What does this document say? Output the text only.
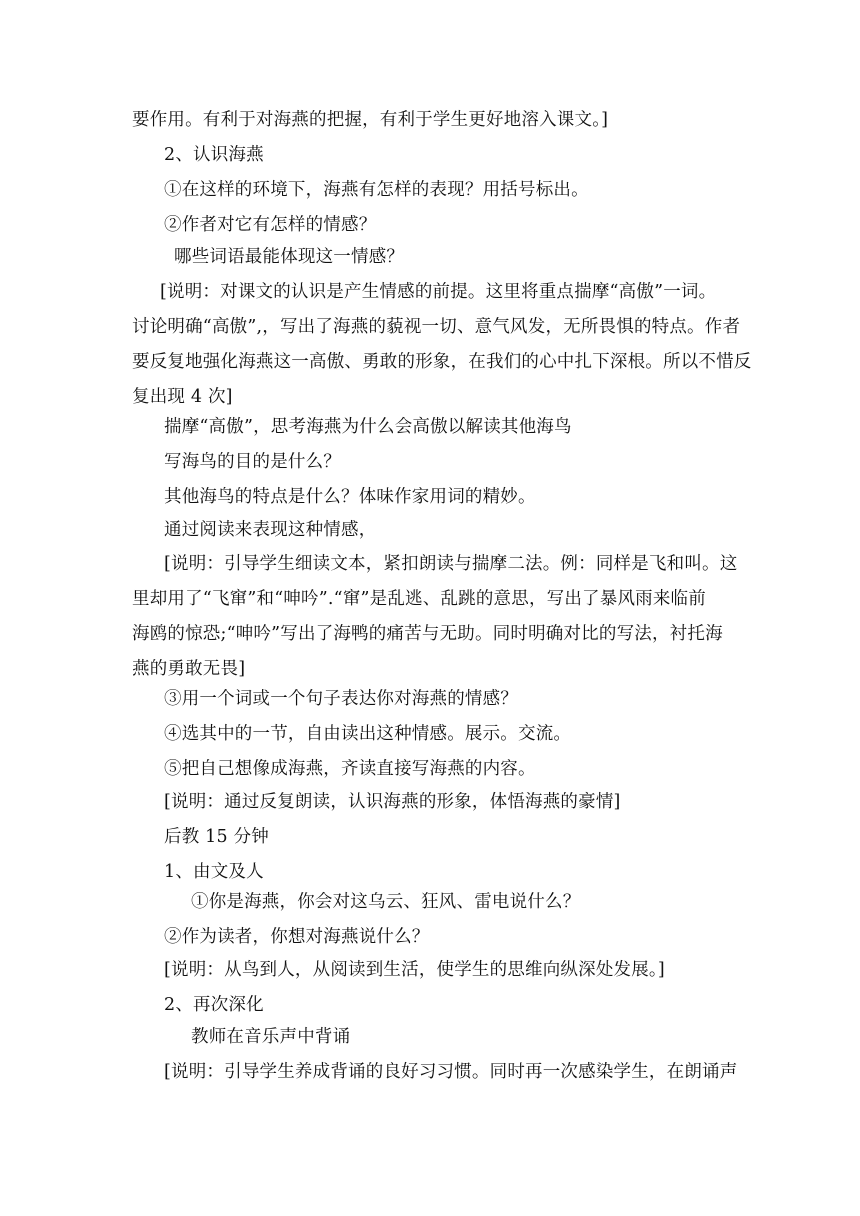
要作用。有利于对海燕的把握，有利于学生更好地溶入课文。]
2、认识海燕
①在这样的环境下，海燕有怎样的表现？用括号标出。
②作者对它有怎样的情感？
哪些词语最能体现这一情感？
[说明：对课文的认识是产生情感的前提。这里将重点揣摩“高傲”一词。
讨论明确“高傲”,，写出了海燕的藐视一切、意气风发，无所畏惧的特点。作者
要反复地强化海燕这一高傲、勇敢的形象，在我们的心中扎下深根。所以不惜反
复出现 4 次]
揣摩“高傲”，思考海燕为什么会高傲以解读其他海鸟
写海鸟的目的是什么？
其他海鸟的特点是什么？体味作家用词的精妙。
通过阅读来表现这种情感，
[说明：引导学生细读文本，紧扣朗读与揣摩二法。例：同样是飞和叫。这
里却用了“飞窜”和“呻吟”.“窜”是乱逃、乱跳的意思，写出了暴风雨来临前
海鸥的惊恐;“呻吟”写出了海鸭的痛苦与无助。同时明确对比的写法，衬托海
燕的勇敢无畏]
③用一个词或一个句子表达你对海燕的情感？
④选其中的一节，自由读出这种情感。展示。交流。
⑤把自己想像成海燕，齐读直接写海燕的内容。
[说明：通过反复朗读，认识海燕的形象，体悟海燕的豪情]
后教 15 分钟
1、由文及人
①你是海燕，你会对这乌云、狂风、雷电说什么？
②作为读者，你想对海燕说什么？
[说明：从鸟到人，从阅读到生活，使学生的思维向纵深处发展。]
2、再次深化
教师在音乐声中背诵
[说明：引导学生养成背诵的良好习习惯。同时再一次感染学生，在朗诵声
